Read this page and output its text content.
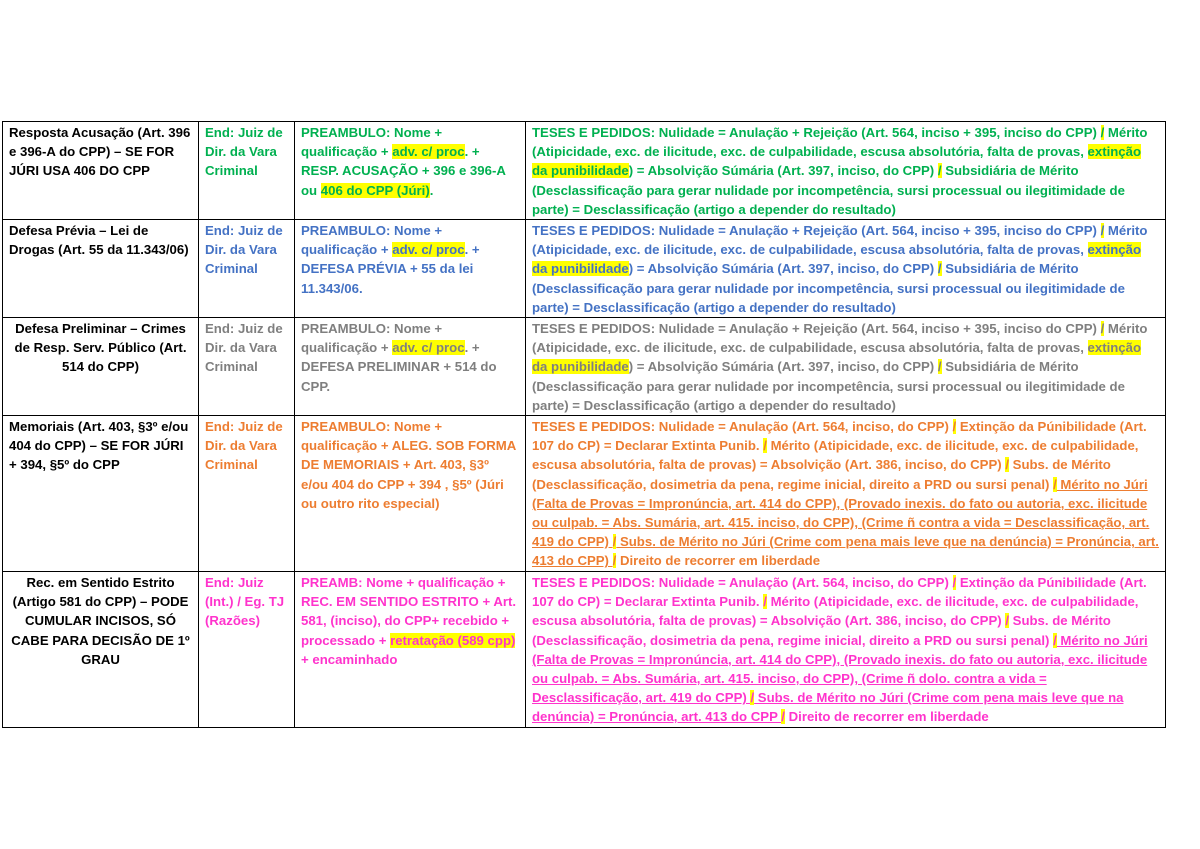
Resposta Acusação (Art. 396 e 396-A do CPP) – SE FOR JÚRI USA 406 DO CPP	End: Juiz de Dir. da Vara Criminal	PREAMBULO: Nome + qualificação + adv. c/ proc. + RESP. ACUSAÇÃO + 396 e 396-A ou 406 do CPP (Júri).	TESES E PEDIDOS: Nulidade = Anulação + Rejeição (Art. 564, inciso + 395, inciso do CPP) / Mérito (Atipicidade, exc. de ilicitude, exc. de culpabilidade, escusa absolutória, falta de provas, extinção da punibilidade) = Absolvição Súmária (Art. 397, inciso, do CPP) / Subsidiária de Mérito (Desclassificação para gerar nulidade por incompetência, sursi processual ou ilegitimidade de parte) = Desclassificação (artigo a depender do resultado)
Defesa Prévia – Lei de Drogas (Art. 55 da 11.343/06)	End: Juiz de Dir. da Vara Criminal	PREAMBULO: Nome + qualificação + adv. c/ proc. + DEFESA PRÉVIA + 55 da lei 11.343/06.	TESES E PEDIDOS: Nulidade = Anulação + Rejeição (Art. 564, inciso + 395, inciso do CPP) / Mérito (Atipicidade, exc. de ilicitude, exc. de culpabilidade, escusa absolutória, falta de provas, extinção da punibilidade) = Absolvição Súmária (Art. 397, inciso, do CPP) / Subsidiária de Mérito (Desclassificação para gerar nulidade por incompetência, sursi processual ou ilegitimidade de parte) = Desclassificação (artigo a depender do resultado)
Defesa Preliminar – Crimes de Resp. Serv. Público (Art. 514 do CPP)	End: Juiz de Dir. da Vara Criminal	PREAMBULO: Nome + qualificação + adv. c/ proc. + DEFESA PRELIMINAR + 514 do CPP.	TESES E PEDIDOS: Nulidade = Anulação + Rejeição (Art. 564, inciso + 395, inciso do CPP) / Mérito (Atipicidade, exc. de ilicitude, exc. de culpabilidade, escusa absolutória, falta de provas, extinção da punibilidade) = Absolvição Súmária (Art. 397, inciso, do CPP) / Subsidiária de Mérito (Desclassificação para gerar nulidade por incompetência, sursi processual ou ilegitimidade de parte) = Desclassificação (artigo a depender do resultado)
Memoriais (Art. 403, §3º e/ou 404 do CPP) – SE FOR JÚRI + 394, §5º do CPP	End: Juiz de Dir. da Vara Criminal	PREAMBULO: Nome + qualificação + ALEG. SOB FORMA DE MEMORIAIS + Art. 403, §3º e/ou 404 do CPP + 394 , §5º (Júri ou outro rito especial)	TESES E PEDIDOS: Nulidade = Anulação (Art. 564, inciso, do CPP) / Extinção da Púnibilidade (Art. 107 do CP) = Declarar Extinta Punib. / Mérito (Atipicidade, exc. de ilicitude, exc. de culpabilidade, escusa absolutória, falta de provas) = Absolvição (Art. 386, inciso, do CPP) / Subs. de Mérito (Desclassificação, dosimetria da pena, regime inicial, direito a PRD ou sursi penal) / Mérito no Júri (Falta de Provas = Impronúncia, art. 414 do CPP), (Provado inexis. do fato ou autoria, exc. ilicitude ou culpab. = Abs. Sumária, art. 415. inciso, do CPP), (Crime ñ contra a vida = Desclassificação, art. 419 do CPP) / Subs. de Mérito no Júri (Crime com pena mais leve que na denúncia) = Pronúncia, art. 413 do CPP) / Direito de recorrer em liberdade
Rec. em Sentido Estrito (Artigo 581 do CPP) – PODE CUMULAR INCISOS, SÓ CABE PARA DECISÃO DE 1º GRAU	End: Juiz (Int.) / Eg. TJ (Razões)	PREAMB: Nome + qualificação + REC. EM SENTIDO ESTRITO + Art. 581, (inciso), do CPP+ recebido + processado + retratação (589 cpp) + encaminhado	TESES E PEDIDOS: Nulidade = Anulação (Art. 564, inciso, do CPP) / Extinção da Púnibilidade (Art. 107 do CP) = Declarar Extinta Punib. / Mérito (Atipicidade, exc. de ilicitude, exc. de culpabilidade, escusa absolutória, falta de provas) = Absolvição (Art. 386, inciso, do CPP) / Subs. de Mérito (Desclassificação, dosimetria da pena, regime inicial, direito a PRD ou sursi penal) / Mérito no Júri (Falta de Provas = Impronúncia, art. 414 do CPP), (Provado inexis. do fato ou autoria, exc. ilicitude ou culpab. = Abs. Sumária, art. 415. inciso, do CPP), (Crime ñ dolo. contra a vida = Desclassificação, art. 419 do CPP) / Subs. de Mérito no Júri (Crime com pena mais leve que na denúncia) = Pronúncia, art. 413 do CPP / Direito de recorrer em liberdade
